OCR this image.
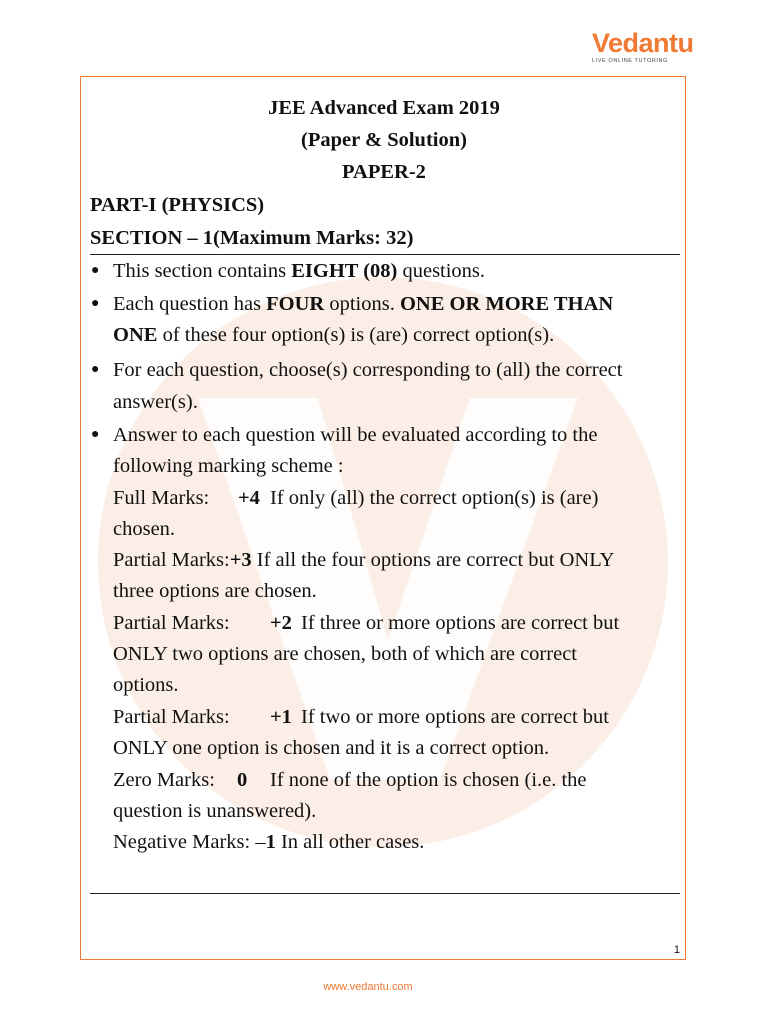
Vedantu
LIVE ONLINE TUTORING
JEE Advanced Exam 2019
(Paper & Solution)
PAPER-2
PART-I (PHYSICS)
SECTION – 1(Maximum Marks: 32)
● This section contains EIGHT (08) questions.
● Each question has FOUR options. ONE OR MORE THAN
ONE of these four option(s) is (are) correct option(s).
● For each question, choose(s) corresponding to (all) the correct
answer(s).
● Answer to each question will be evaluated according to the
following marking scheme :
Full Marks: +4 If only (all) the correct option(s) is (are)
chosen.
Partial Marks:+3 If all the four options are correct but ONLY
three options are chosen.
Partial Marks: +2 If three or more options are correct but
ONLY two options are chosen, both of which are correct
options.
Partial Marks: +1 If two or more options are correct but
ONLY one option is chosen and it is a correct option.
Zero Marks: 0 If none of the option is chosen (i.e. the
question is unanswered).
Negative Marks: –1 In all other cases.
1
www.vedantu.com
